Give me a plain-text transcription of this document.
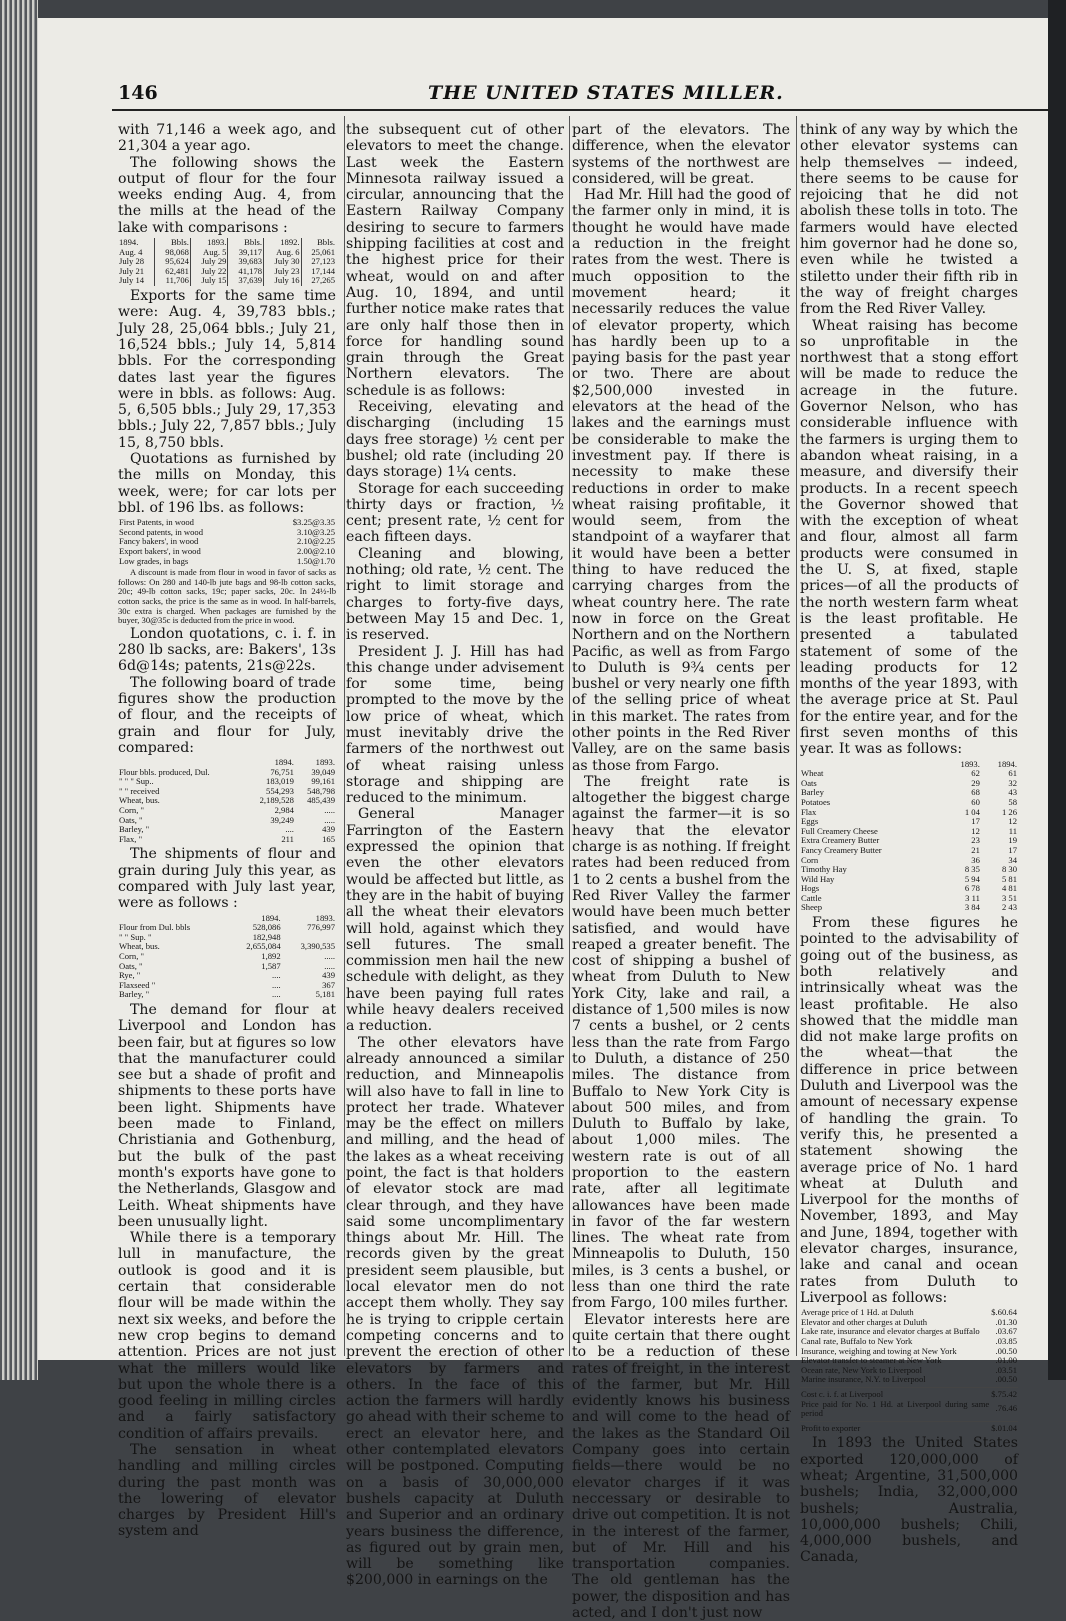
146	THE UNITED STATES MILLER.

with 71,146 a week ago, and 21,304 a year ago.

The following shows the output of flour for the four weeks ending Aug. 4, from the mills at the head of the lake with comparisons :

1894.	Bbls.	1893.	Bbls.	1892.	Bbls.
Aug. 4	98,068	Aug. 5	39,117	Aug. 6	25,061
July 28	95,624	July 29	39,683	July 30	27,123
July 21	62,481	July 22	41,178	July 23	17,144
July 14	11,706	July 15	37,639	July 16	27,265

Exports for the same time were: Aug. 4, 39,783 bbls.; July 28, 25,064 bbls.; July 21, 16,524 bbls.; July 14, 5,814 bbls. For the corresponding dates last year the figures were in bbls. as follows: Aug. 5, 6,505 bbls.; July 29, 17,353 bbls.; July 22, 7,857 bbls.; July 15, 8,750 bbls.

Quotations as furnished by the mills on Monday, this week, were; for car lots per bbl. of 196 lbs. as follows:

First Patents, in wood	$3.25@3.35
Second patents, in wood	3.10@3.25
Fancy bakers', in wood	2.10@2.25
Export bakers', in wood	2.00@2.10
Low grades, in bags	1.50@1.70

A discount is made from flour in wood in favor of sacks as follows: On 280 and 140-lb jute bags and 98-lb cotton sacks, 20c; 49-lb cotton sacks, 19c; paper sacks, 20c. In 24½-lb cotton sacks, the price is the same as in wood. In half-barrels, 30c extra is charged. When packages are furnished by the buyer, 30@35c is deducted from the price in wood.

London quotations, c. i. f. in 280 lb sacks, are: Bakers', 13s 6d@14s; patents, 21s@22s.

The following board of trade figures show the production of flour, and the receipts of grain and flour for July, compared:

	1894.	1893.
Flour bbls. produced, Dul.	76,751	39,049
" " " Sup..	183,019	99,161
" " received	554,293	548,798
Wheat, bus.	2,189,528	485,439
Corn, "	2,984	.....
Oats, "	39,249	.....
Barley, "	....	439
Flax, "	211	165

The shipments of flour and grain during July this year, as compared with July last year, were as follows :

	1894.	1893.
Flour from Dul. bbls	528,086	776,997
" " Sup. "	182,948	
Wheat, bus.	2,655,084	3,390,535
Corn, "	1,892	.....
Oats, "	1,587	.....
Rye, "	....	439
Flaxseed "	....	367
Barley, "	....	5,181

The demand for flour at Liverpool and London has been fair, but at figures so low that the manufacturer could see but a shade of profit and shipments to these ports have been light. Shipments have been made to Finland, Christiania and Gothenburg, but the bulk of the past month's exports have gone to the Netherlands, Glasgow and Leith. Wheat shipments have been unusually light.

While there is a temporary lull in manufacture, the outlook is good and it is certain that considerable flour will be made within the next six weeks, and before the new crop begins to demand attention. Prices are not just what the millers would like but upon the whole there is a good feeling in milling circles and a fairly satisfactory condition of affairs prevails.

The sensation in wheat handling and milling circles during the past month was the lowering of elevator charges by President Hill's system and

the subsequent cut of other elevators to meet the change. Last week the Eastern Minnesota railway issued a circular, announcing that the Eastern Railway Company desiring to secure to farmers shipping facilities at cost and the highest price for their wheat, would on and after Aug. 10, 1894, and until further notice make rates that are only half those then in force for handling sound grain through the Great Northern elevators. The schedule is as follows:

Receiving, elevating and discharging (including 15 days free storage) ½ cent per bushel; old rate (including 20 days storage) 1¼ cents.

Storage for each succeeding thirty days or fraction, ½ cent; present rate, ½ cent for each fifteen days.

Cleaning and blowing, nothing; old rate, ½ cent. The right to limit storage and charges to forty-five days, between May 15 and Dec. 1, is reserved.

President J. J. Hill has had this change under advisement for some time, being prompted to the move by the low price of wheat, which must inevitably drive the farmers of the northwest out of wheat raising unless storage and shipping are reduced to the minimum.

General Manager Farrington of the Eastern expressed the opinion that even the other elevators would be affected but little, as they are in the habit of buying all the wheat their elevators will hold, against which they sell futures. The small commission men hail the new schedule with delight, as they have been paying full rates while heavy dealers received a reduction.

The other elevators have already announced a similar reduction, and Minneapolis will also have to fall in line to protect her trade. Whatever may be the effect on millers and milling, and the head of the lakes as a wheat receiving point, the fact is that holders of elevator stock are mad clear through, and they have said some uncomplimentary things about Mr. Hill. The records given by the great president seem plausible, but local elevator men do not accept them wholly. They say he is trying to cripple certain competing concerns and to prevent the erection of other elevators by farmers and others. In the face of this action the farmers will hardly go ahead with their scheme to erect an elevator here, and other contemplated elevators will be postponed. Computing on a basis of 30,000,000 bushels capacity at Duluth and Superior and an ordinary years business the difference, as figured out by grain men, will be something like $200,000 in earnings on the

part of the elevators. The difference, when the elevator systems of the northwest are considered, will be great.

Had Mr. Hill had the good of the farmer only in mind, it is thought he would have made a reduction in the freight rates from the west. There is much opposition to the movement heard; it necessarily reduces the value of elevator property, which has hardly been up to a paying basis for the past year or two. There are about $2,500,000 invested in elevators at the head of the lakes and the earnings must be considerable to make the investment pay. If there is necessity to make these reductions in order to make wheat raising profitable, it would seem, from the standpoint of a wayfarer that it would have been a better thing to have reduced the carrying charges from the wheat country here. The rate now in force on the Great Northern and on the Northern Pacific, as well as from Fargo to Duluth is 9¾ cents per bushel or very nearly one fifth of the selling price of wheat in this market. The rates from other points in the Red River Valley, are on the same basis as those from Fargo.

The freight rate is altogether the biggest charge against the farmer—it is so heavy that the elevator charge is as nothing. If freight rates had been reduced from 1 to 2 cents a bushel from the Red River Valley the farmer would have been much better satisfied, and would have reaped a greater benefit. The cost of shipping a bushel of wheat from Duluth to New York City, lake and rail, a distance of 1,500 miles is now 7 cents a bushel, or 2 cents less than the rate from Fargo to Duluth, a distance of 250 miles. The distance from Buffalo to New York City is about 500 miles, and from Duluth to Buffalo by lake, about 1,000 miles. The western rate is out of all proportion to the eastern rate, after all legitimate allowances have been made in favor of the far western lines. The wheat rate from Minneapolis to Duluth, 150 miles, is 3 cents a bushel, or less than one third the rate from Fargo, 100 miles further.

Elevator interests here are quite certain that there ought to be a reduction of these rates of freight, in the interest of the farmer, but Mr. Hill evidently knows his business and will come to the head of the lakes as the Standard Oil Company goes into certain fields—there would be no elevator charges if it was neccessary or desirable to drive out competition. It is not in the interest of the farmer, but of Mr. Hill and his transportation companies. The old gentleman has the power, the disposition and has acted, and I don't just now

think of any way by which the other elevator systems can help themselves — indeed, there seems to be cause for rejoicing that he did not abolish these tolls in toto. The farmers would have elected him governor had he done so, even while he twisted a stiletto under their fifth rib in the way of freight charges from the Red River Valley.

Wheat raising has become so unprofitable in the northwest that a stong effort will be made to reduce the acreage in the future. Governor Nelson, who has considerable influence with the farmers is urging them to abandon wheat raising, in a measure, and diversify their products. In a recent speech the Governor showed that with the exception of wheat and flour, almost all farm products were consumed in the U. S, at fixed, staple prices—of all the products of the north western farm wheat is the least profitable. He presented a tabulated statement of some of the leading products for 12 months of the year 1893, with the average price at St. Paul for the entire year, and for the first seven months of this year. It was as follows:

	1893.	1894.
Wheat	62	61
Oats	29	32
Barley	68	43
Potatoes	60	58
Flax	1 04	1 26
Eggs	17	12
Full Creamery Cheese	12	11
Extra Creamery Butter	23	19
Fancy Creamery Butter	21	17
Corn	36	34
Timothy Hay	8 35	8 30
Wild Hay	5 94	5 81
Hogs	6 78	4 81
Cattle	3 11	3 51
Sheep	3 84	2 43

From these figures he pointed to the advisability of going out of the business, as both relatively and intrinsically wheat was the least profitable. He also showed that the middle man did not make large profits on the wheat—that the difference in price between Duluth and Liverpool was the amount of necessary expense of handling the grain. To verify this, he presented a statement showing the average price of No. 1 hard wheat at Duluth and Liverpool for the months of November, 1893, and May and June, 1894, together with elevator charges, insurance, lake and canal and ocean rates from Duluth to Liverpool as follows:

Average price of 1 Hd. at Duluth	$.60.64
Elevator and other charges at Duluth	.01.30
Lake rate, insurance and elevator charges at Buffalo	.03.67
Canal rate, Buffalo to New York	.03.85
Insurance, weighing and towing at New York	.00.50
Elevator transfer to steamer at New York	.01.00
Ocean rate, New York to Liverpool	.03.51
Marine insurance, N.Y. to Liverpool	.00.50
Cost c. i. f. at Liverpool	$.75.42
Price paid for No. 1 Hd. at Liverpool during same period	.76.46
Profit to exporter	$.01.04

In 1893 the United States exported 120,000,000 of wheat; Argentine, 31,500,000 bushels; India, 32,000,000 bushels; Australia, 10,000,000 bushels; Chili, 4,000,000 bushels, and Canada,
